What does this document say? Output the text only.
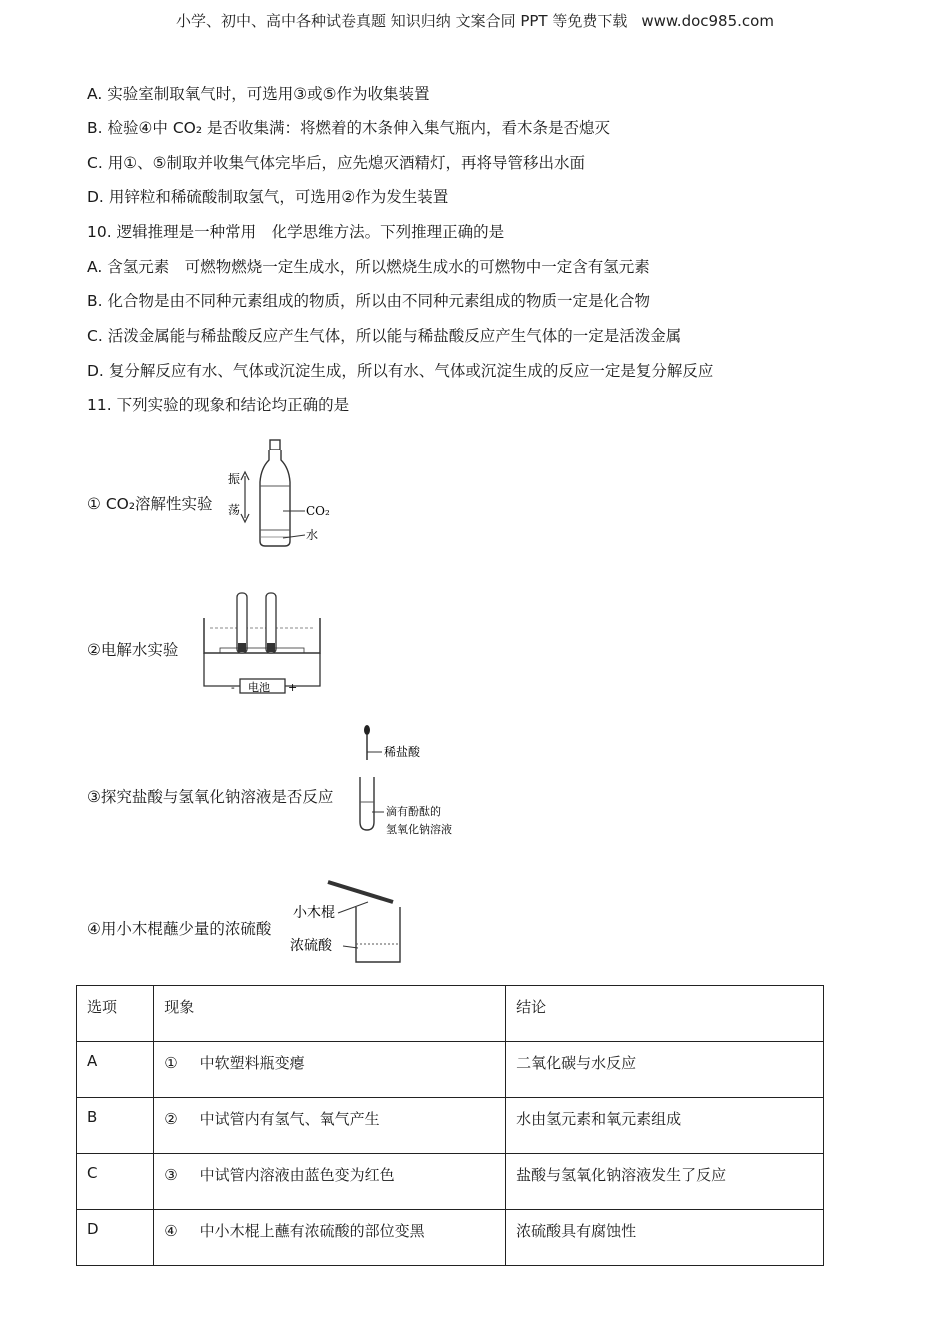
小学、初中、高中各种试卷真题 知识归纳 文案合同 PPT 等免费下载 www.doc985.com
A. 实验室制取氧气时，可选用③或⑤作为收集装置
B. 检验④中 CO₂ 是否收集满：将燃着的木条伸入集气瓶内，看木条是否熄灭
C. 用①、⑤制取并收集气体完毕后，应先熄灭酒精灯，再将导管移出水面
D. 用锌粒和稀硫酸制取氢气，可选用②作为发生装置
10. 逻辑推理是一种常用　化学思维方法。下列推理正确的是
A. 含氢元素　可燃物燃烧一定生成水，所以燃烧生成水的可燃物中一定含有氢元素
B. 化合物是由不同种元素组成的物质，所以由不同种元素组成的物质一定是化合物
C. 活泼金属能与稀盐酸反应产生气体，所以能与稀盐酸反应产生气体的一定是活泼金属
D. 复分解反应有水、气体或沉淀生成，所以有水、气体或沉淀生成的反应一定是复分解反应
11. 下列实验的现象和结论均正确的是
① CO₂溶解性实验
振
荡	CO₂
水
②电解水实验
电池
-	+
③探究盐酸与氢氧化钠溶液是否反应
稀盐酸
滴有酚酞的
氢氧化钠溶液
④用小木棍蘸少量的浓硫酸
小木棍
浓硫酸
选项	现象	结论
A	① 中软塑料瓶变瘪	二氧化碳与水反应
B	② 中试管内有氢气、氧气产生	水由氢元素和氧元素组成
C	③ 中试管内溶液由蓝色变为红色	盐酸与氢氧化钠溶液发生了反应
D	④ 中小木棍上蘸有浓硫酸的部位变黑	浓硫酸具有腐蚀性
